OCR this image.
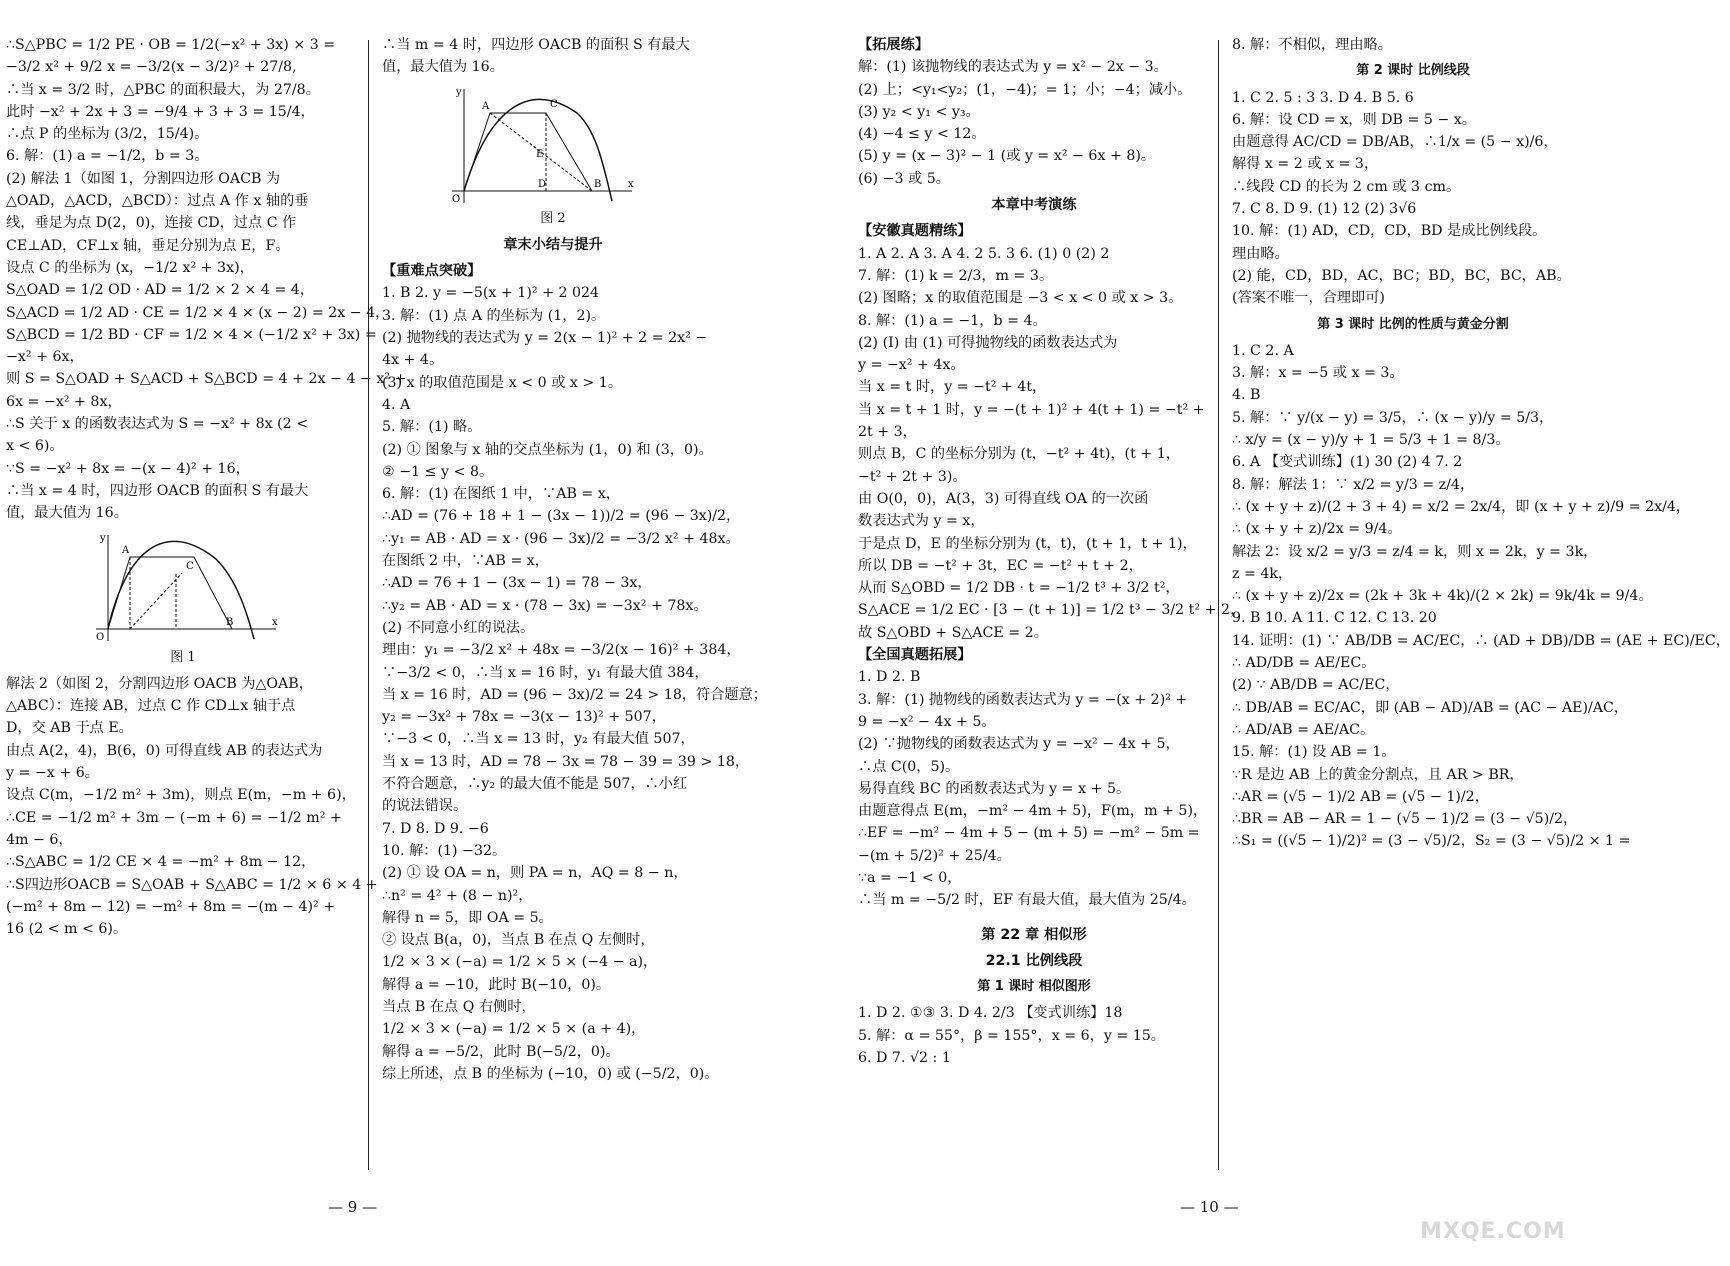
∴S△PBC = 1/2 PE · OB = 1/2(−x² + 3x) × 3 =
−3/2 x² + 9/2 x = −3/2(x − 3/2)² + 27/8,
∴当 x = 3/2 时，△PBC 的面积最大，为 27/8。
此时 −x² + 2x + 3 = −9/4 + 3 + 3 = 15/4，
∴点 P 的坐标为 (3/2，15/4)。
6. 解：(1) a = −1/2，b = 3。
(2) 解法 1（如图 1，分割四边形 OACB 为
△OAD，△ACD，△BCD）：过点 A 作 x 轴的垂
线，垂足为点 D(2，0)，连接 CD，过点 C 作
CE⊥AD，CF⊥x 轴，垂足分别为点 E，F。
设点 C 的坐标为 (x，−1/2 x² + 3x)，
S△OAD = 1/2 OD · AD = 1/2 × 2 × 4 = 4，
S△ACD = 1/2 AD · CE = 1/2 × 4 × (x − 2) = 2x − 4，
S△BCD = 1/2 BD · CF = 1/2 × 4 × (−1/2 x² + 3x) =
−x² + 6x，
则 S = S△OAD + S△ACD + S△BCD = 4 + 2x − 4 − x² +
6x = −x² + 8x，
∴S 关于 x 的函数表达式为 S = −x² + 8x (2 <
x < 6)。
∵S = −x² + 8x = −(x − 4)² + 16，
∴当 x = 4 时，四边形 OACB 的面积 S 有最大
值，最大值为 16。
O
A
C
B	x
y
图 1
解法 2（如图 2，分割四边形 OACB 为△OAB，
△ABC）：连接 AB，过点 C 作 CD⊥x 轴于点
D，交 AB 于点 E。
由点 A(2，4)，B(6，0) 可得直线 AB 的表达式为
y = −x + 6。
设点 C(m，−1/2 m² + 3m)，则点 E(m，−m + 6)，
∴CE = −1/2 m² + 3m − (−m + 6) = −1/2 m² +
4m − 6，
∴S△ABC = 1/2 CE × 4 = −m² + 8m − 12，
∴S四边形OACB = S△OAB + S△ABC = 1/2 × 6 × 4 +
(−m² + 8m − 12) = −m² + 8m = −(m − 4)² +
16 (2 < m < 6)。
∴当 m = 4 时，四边形 OACB 的面积 S 有最大
值，最大值为 16。
O
A	C
E
D	B	x
y
图 2
章末小结与提升
【重难点突破】
1. B 2. y = −5(x + 1)² + 2 024
3. 解：(1) 点 A 的坐标为 (1，2)。
(2) 抛物线的表达式为 y = 2(x − 1)² + 2 = 2x² −
4x + 4。
(3) x 的取值范围是 x < 0 或 x > 1。
4. A
5. 解：(1) 略。
(2) ① 图象与 x 轴的交点坐标为 (1，0) 和 (3，0)。
② −1 ≤ y < 8。
6. 解：(1) 在图纸 1 中，∵AB = x，
∴AD = (76 + 18 + 1 − (3x − 1))/2 = (96 − 3x)/2，
∴y₁ = AB · AD = x · (96 − 3x)/2 = −3/2 x² + 48x。
在图纸 2 中，∵AB = x，
∴AD = 76 + 1 − (3x − 1) = 78 − 3x，
∴y₂ = AB · AD = x · (78 − 3x) = −3x² + 78x。
(2) 不同意小红的说法。
理由：y₁ = −3/2 x² + 48x = −3/2(x − 16)² + 384，
∵−3/2 < 0，∴当 x = 16 时，y₁ 有最大值 384，
当 x = 16 时，AD = (96 − 3x)/2 = 24 > 18，符合题意；
y₂ = −3x² + 78x = −3(x − 13)² + 507，
∵−3 < 0，∴当 x = 13 时，y₂ 有最大值 507，
当 x = 13 时，AD = 78 − 3x = 78 − 39 = 39 > 18，
不符合题意，∴y₂ 的最大值不能是 507，∴小红
的说法错误。
7. D 8. D 9. −6
10. 解：(1) −32。
(2) ① 设 OA = n，则 PA = n，AQ = 8 − n，
∴n² = 4² + (8 − n)²，
解得 n = 5，即 OA = 5。
② 设点 B(a，0)，当点 B 在点 Q 左侧时，
1/2 × 3 × (−a) = 1/2 × 5 × (−4 − a)，
解得 a = −10，此时 B(−10，0)。
当点 B 在点 Q 右侧时，
1/2 × 3 × (−a) = 1/2 × 5 × (a + 4)，
解得 a = −5/2，此时 B(−5/2，0)。
综上所述，点 B 的坐标为 (−10，0) 或 (−5/2，0)。
【拓展练】
解：(1) 该抛物线的表达式为 y = x² − 2x − 3。
(2) 上；<y₁<y₂；(1，−4)；= 1；小；−4；减小。
(3) y₂ < y₁ < y₃。
(4) −4 ≤ y < 12。
(5) y = (x − 3)² − 1 (或 y = x² − 6x + 8)。
(6) −3 或 5。
本章中考演练
【安徽真题精练】
1. A 2. A 3. A 4. 2 5. 3 6. (1) 0 (2) 2
7. 解：(1) k = 2/3，m = 3。
(2) 图略；x 的取值范围是 −3 < x < 0 或 x > 3。
8. 解：(1) a = −1，b = 4。
(2) (Ⅰ) 由 (1) 可得抛物线的函数表达式为
y = −x² + 4x。
当 x = t 时，y = −t² + 4t，
当 x = t + 1 时，y = −(t + 1)² + 4(t + 1) = −t² +
2t + 3，
则点 B，C 的坐标分别为 (t，−t² + 4t)，(t + 1，
−t² + 2t + 3)。
由 O(0，0)，A(3，3) 可得直线 OA 的一次函
数表达式为 y = x，
于是点 D，E 的坐标分别为 (t，t)，(t + 1，t + 1)，
所以 DB = −t² + 3t，EC = −t² + t + 2，
从而 S△OBD = 1/2 DB · t = −1/2 t³ + 3/2 t²，
S△ACE = 1/2 EC · [3 − (t + 1)] = 1/2 t³ − 3/2 t² + 2，
故 S△OBD + S△ACE = 2。
【全国真题拓展】
1. D 2. B
3. 解：(1) 抛物线的函数表达式为 y = −(x + 2)² +
9 = −x² − 4x + 5。
(2) ∵抛物线的函数表达式为 y = −x² − 4x + 5，
∴点 C(0，5)。
易得直线 BC 的函数表达式为 y = x + 5。
由题意得点 E(m，−m² − 4m + 5)，F(m，m + 5)，
∴EF = −m² − 4m + 5 − (m + 5) = −m² − 5m =
−(m + 5/2)² + 25/4。
∵a = −1 < 0，
∴当 m = −5/2 时，EF 有最大值，最大值为 25/4。
第 22 章 相似形
22.1 比例线段
第 1 课时 相似图形
1. D 2. ①③ 3. D 4. 2/3 【变式训练】18
5. 解：α = 55°，β = 155°，x = 6，y = 15。
6. D 7. √2 : 1
8. 解：不相似，理由略。
第 2 课时 比例线段
1. C 2. 5 : 3 3. D 4. B 5. 6
6. 解：设 CD = x，则 DB = 5 − x。
由题意得 AC/CD = DB/AB，∴1/x = (5 − x)/6，
解得 x = 2 或 x = 3，
∴线段 CD 的长为 2 cm 或 3 cm。
7. C 8. D 9. (1) 12 (2) 3√6
10. 解：(1) AD，CD，CD，BD 是成比例线段。
理由略。
(2) 能，CD，BD，AC，BC；BD，BC，BC，AB。
(答案不唯一，合理即可)
第 3 课时 比例的性质与黄金分割
1. C 2. A
3. 解：x = −5 或 x = 3。
4. B
5. 解：∵ y/(x − y) = 3/5，∴ (x − y)/y = 5/3，
∴ x/y = (x − y)/y + 1 = 5/3 + 1 = 8/3。
6. A 【变式训练】(1) 30 (2) 4 7. 2
8. 解：解法 1：∵ x/2 = y/3 = z/4，
∴ (x + y + z)/(2 + 3 + 4) = x/2 = 2x/4，即 (x + y + z)/9 = 2x/4，
∴ (x + y + z)/2x = 9/4。
解法 2：设 x/2 = y/3 = z/4 = k，则 x = 2k，y = 3k，
z = 4k，
∴ (x + y + z)/2x = (2k + 3k + 4k)/(2 × 2k) = 9k/4k = 9/4。
9. B 10. A 11. C 12. C 13. 20
14. 证明：(1) ∵ AB/DB = AC/EC，∴ (AD + DB)/DB = (AE + EC)/EC，
∴ AD/DB = AE/EC。
(2) ∵ AB/DB = AC/EC，
∴ DB/AB = EC/AC，即 (AB − AD)/AB = (AC − AE)/AC，
∴ AD/AB = AE/AC。
15. 解：(1) 设 AB = 1。
∵R 是边 AB 上的黄金分割点，且 AR > BR，
∴AR = (√5 − 1)/2 AB = (√5 − 1)/2，
∴BR = AB − AR = 1 − (√5 − 1)/2 = (3 − √5)/2，
∴S₁ = ((√5 − 1)/2)² = (3 − √5)/2，S₂ = (3 − √5)/2 × 1 =
— 9 —	— 10 —
MXQE.COM
